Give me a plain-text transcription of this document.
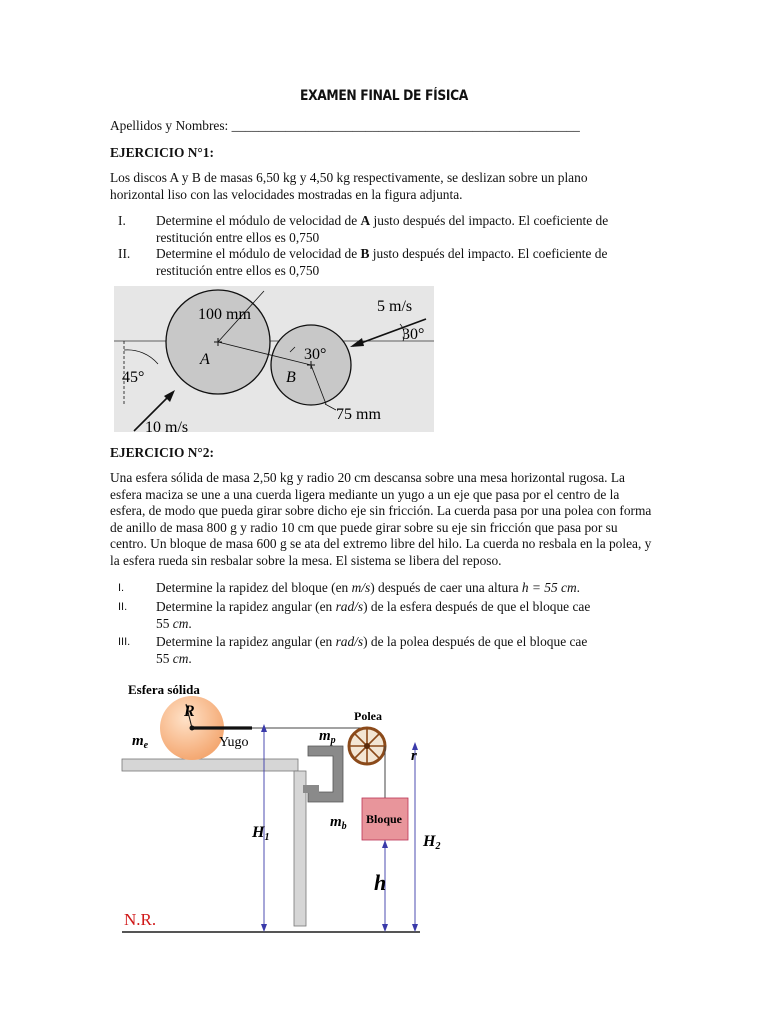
EXAMEN FINAL DE FÍSICA
Apellidos y Nombres: ____________________________________________________
EJERCICIO N°1:
Los discos A y B de masas 6,50 kg y 4,50 kg respectivamente, se deslizan sobre un plano horizontal liso con las velocidades mostradas en la figura adjunta.
I. Determine el módulo de velocidad de A justo después del impacto. El coeficiente de restitución entre ellos es 0,750
II. Determine el módulo de velocidad de B justo después del impacto. El coeficiente de restitución entre ellos es 0,750
100 mm
A
B
5 m/s
30°
30°
45°
10 m/s
75 mm
EJERCICIO N°2:
Una esfera sólida de masa 2,50 kg y radio 20 cm descansa sobre una mesa horizontal rugosa. La esfera maciza se une a una cuerda ligera mediante un yugo a un eje que pasa por el centro de la esfera, de modo que pueda girar sobre dicho eje sin fricción. La cuerda pasa por una polea con forma de anillo de masa 800 g y radio 10 cm que puede girar sobre su eje sin fricción que pasa por su centro. Un bloque de masa 600 g se ata del extremo libre del hilo. La cuerda no resbala en la polea, y la esfera rueda sin resbalar sobre la mesa. El sistema se libera del reposo.
I. Determine la rapidez del bloque (en m/s) después de caer una altura h = 55 cm.
II. Determine la rapidez angular (en rad/s) de la esfera después de que el bloque cae
55 cm.
III. Determine la rapidez angular (en rad/s) de la polea después de que el bloque cae
55 cm.
Esfera sólida
R
$m_e$	Yugo
Polea
$m_p$
r
$m_b$
Bloque
H1	H2
h
N.R.
